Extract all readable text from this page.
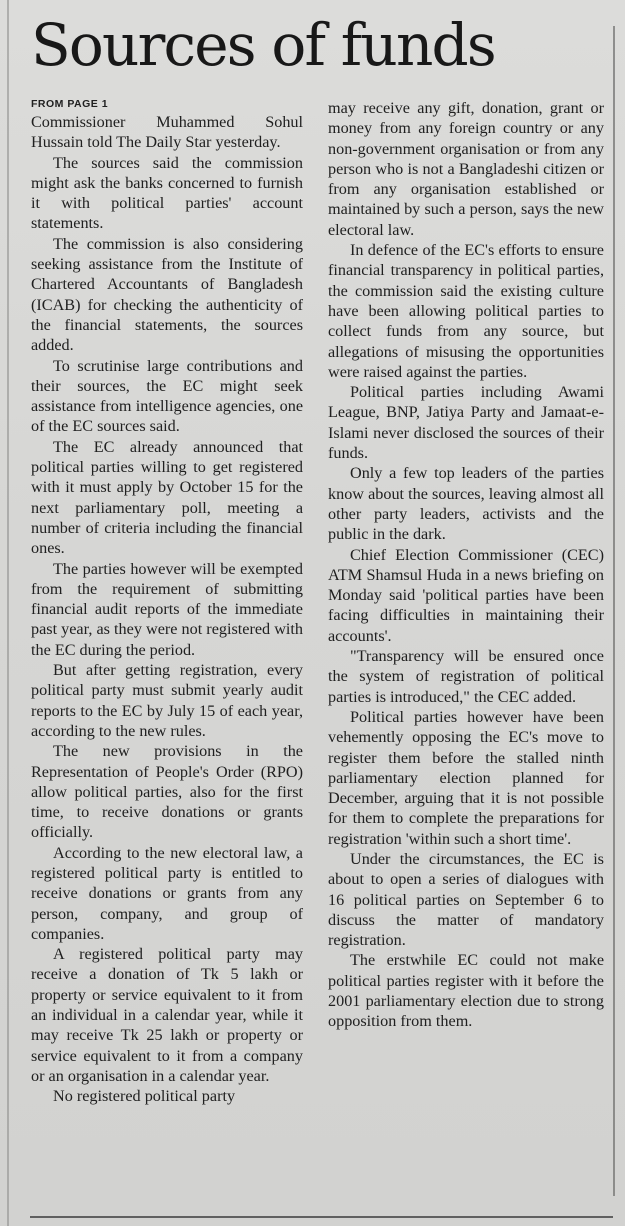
Sources of funds
FROM PAGE 1

Commissioner Muhammed Sohul Hussain told The Daily Star yesterday.

The sources said the commission might ask the banks concerned to furnish it with political parties' account statements.

The commission is also considering seeking assistance from the Institute of Chartered Accountants of Bangladesh (ICAB) for checking the authenticity of the financial statements, the sources added.

To scrutinise large contributions and their sources, the EC might seek assistance from intelligence agencies, one of the EC sources said.

The EC already announced that political parties willing to get registered with it must apply by October 15 for the next parliamentary poll, meeting a number of criteria including the financial ones.

The parties however will be exempted from the requirement of submitting financial audit reports of the immediate past year, as they were not registered with the EC during the period.

But after getting registration, every political party must submit yearly audit reports to the EC by July 15 of each year, according to the new rules.

The new provisions in the Representation of People's Order (RPO) allow political parties, also for the first time, to receive donations or grants officially.

According to the new electoral law, a registered political party is entitled to receive donations or grants from any person, company, and group of companies.

A registered political party may receive a donation of Tk 5 lakh or property or service equivalent to it from an individual in a calendar year, while it may receive Tk 25 lakh or property or service equivalent to it from a company or an organisation in a calendar year.

No registered political party

may receive any gift, donation, grant or money from any foreign country or any non-government organisation or from any person who is not a Bangladeshi citizen or from any organisation established or maintained by such a person, says the new electoral law.

In defence of the EC's efforts to ensure financial transparency in political parties, the commission said the existing culture have been allowing political parties to collect funds from any source, but allegations of misusing the opportunities were raised against the parties.

Political parties including Awami League, BNP, Jatiya Party and Jamaat-e-Islami never disclosed the sources of their funds.

Only a few top leaders of the parties know about the sources, leaving almost all other party leaders, activists and the public in the dark.

Chief Election Commissioner (CEC) ATM Shamsul Huda in a news briefing on Monday said 'political parties have been facing difficulties in maintaining their accounts'.

"Transparency will be ensured once the system of registration of political parties is introduced," the CEC added.

Political parties however have been vehemently opposing the EC's move to register them before the stalled ninth parliamentary election planned for December, arguing that it is not possible for them to complete the preparations for registration 'within such a short time'.

Under the circumstances, the EC is about to open a series of dialogues with 16 political parties on September 6 to discuss the matter of mandatory registration.

The erstwhile EC could not make political parties register with it before the 2001 parliamentary election due to strong opposition from them.
